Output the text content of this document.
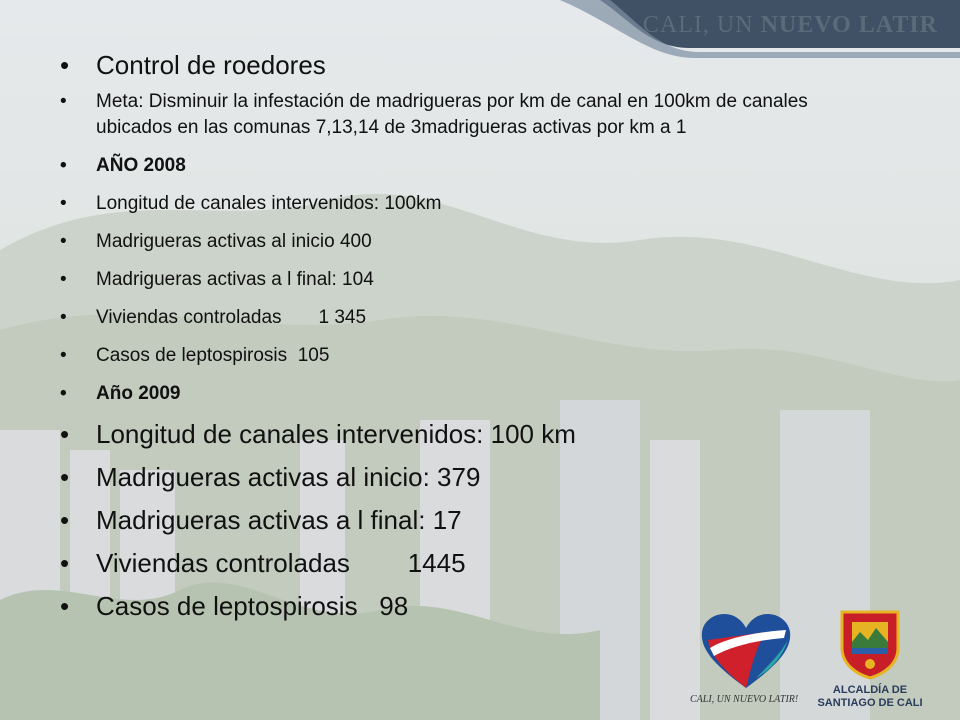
CALI, UN NUEVO LATIR
• Control de roedores
• Meta: Disminuir la infestación de madrigueras por km de canal en 100km de canales ubicados en las comunas 7,13,14 de 3madrigueras activas por km a 1
• AÑO 2008
• Longitud de canales intervenidos: 100km
• Madrigueras activas al inicio 400
• Madrigueras activas a l final: 104
• Viviendas controladas       1 345
• Casos de leptospirosis  105
• Año 2009
• Longitud de canales intervenidos: 100 km
• Madrigueras activas al inicio: 379
• Madrigueras activas a l final: 17
• Viviendas controladas        1445
• Casos de leptospirosis   98
CALI, UN NUEVO LATIR!
ALCALDÍA DE
SANTIAGO DE CALI
